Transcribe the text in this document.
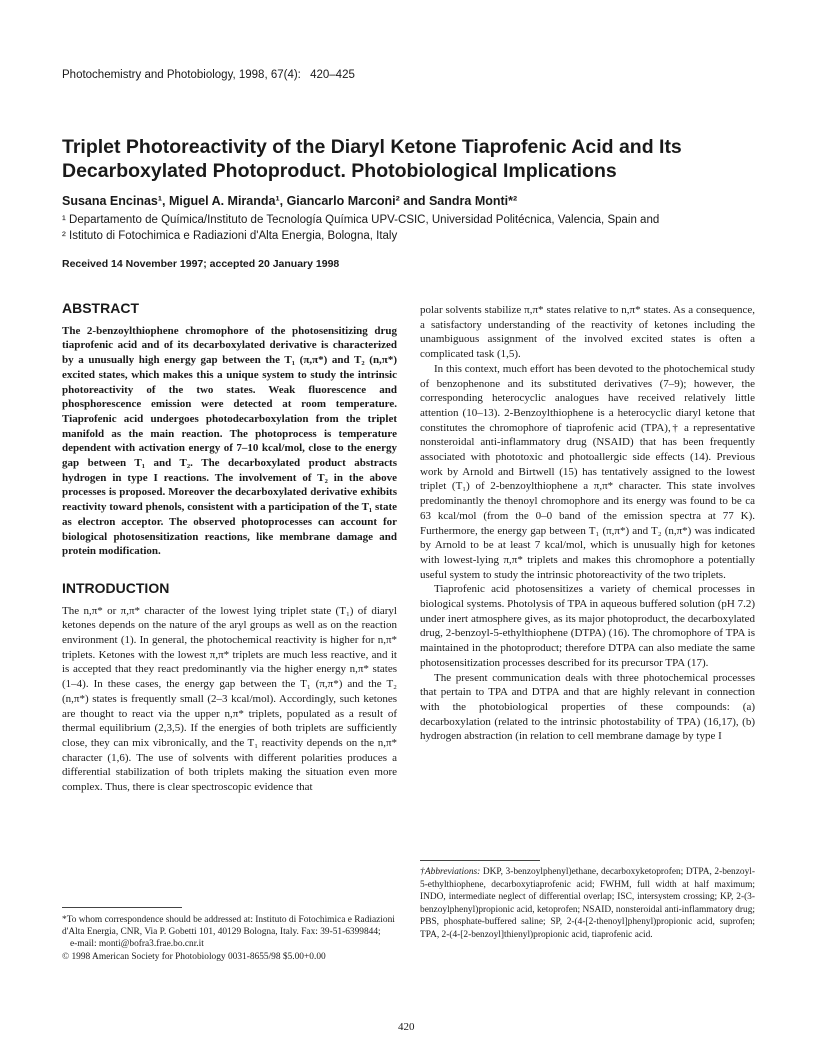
Photochemistry and Photobiology, 1998, 67(4): 420–425
Triplet Photoreactivity of the Diaryl Ketone Tiaprofenic Acid and Its Decarboxylated Photoproduct. Photobiological Implications
Susana Encinas¹, Miguel A. Miranda¹, Giancarlo Marconi² and Sandra Monti*²
¹ Departamento de Química/Instituto de Tecnología Química UPV-CSIC, Universidad Politécnica, Valencia, Spain and
² Istituto di Fotochimica e Radiazioni d'Alta Energia, Bologna, Italy
Received 14 November 1997; accepted 20 January 1998
ABSTRACT

The 2-benzoylthiophene chromophore of the photosensitizing drug tiaprofenic acid and of its decarboxylated derivative is characterized by a unusually high energy gap between the T₁ (π,π*) and T₂ (n,π*) excited states, which makes this a unique system to study the intrinsic photoreactivity of the two states. Weak fluorescence and phosphorescence emission were detected at room temperature. Tiaprofenic acid undergoes photodecarboxylation from the triplet manifold as the main reaction. The photoprocess is temperature dependent with activation energy of 7–10 kcal/mol, close to the energy gap between T₁ and T₂. The decarboxylated product abstracts hydrogen in type I reactions. The involvement of T₂ in the above processes is proposed. Moreover the decarboxylated derivative exhibits reactivity toward phenols, consistent with a participation of the T₁ state as electron acceptor. The observed photoprocesses can account for biological photosensitization reactions, like membrane damage and protein modification.

INTRODUCTION

The n,π* or π,π* character of the lowest lying triplet state (T₁) of diaryl ketones depends on the nature of the aryl groups as well as on the reaction environment (1). In general, the photochemical reactivity is higher for n,π* triplets. Ketones with the lowest π,π* triplets are much less reactive, and it is accepted that they react predominantly via the higher energy n,π* states (1–4). In these cases, the energy gap between the T₁ (π,π*) and the T₂ (n,π*) states is frequently small (2–3 kcal/mol). Accordingly, such ketones are thought to react via the upper n,π* triplets, populated as a result of thermal equilibrium (2,3,5). If the energies of both triplets are sufficiently close, they can mix vibronically, and the T₁ reactivity depends on the n,π* character (1,6). The use of solvents with different polarities produces a differential stabilization of both triplets making the situation even more complex. Thus, there is clear spectroscopic evidence that

polar solvents stabilize π,π* states relative to n,π* states. As a consequence, a satisfactory understanding of the reactivity of ketones including the unambiguous assignment of the involved excited states is often a complicated task (1,5).

In this context, much effort has been devoted to the photochemical study of benzophenone and its substituted derivatives (7–9); however, the corresponding heterocyclic analogues have received relatively little attention (10–13). 2-Benzoylthiophene is a heterocyclic diaryl ketone that constitutes the chromophore of tiaprofenic acid (TPA),† a representative nonsteroidal anti-inflammatory drug (NSAID) that has been frequently associated with phototoxic and photoallergic side effects (14). Previous work by Arnold and Birtwell (15) has tentatively assigned to the lowest triplet (T₁) of 2-benzoylthiophene a π,π* character. This state involves predominantly the thenoyl chromophore and its energy was found to be ca 63 kcal/mol (from the 0–0 band of the emission spectra at 77 K). Furthermore, the energy gap between T₁ (π,π*) and T₂ (n,π*) was indicated by Arnold to be at least 7 kcal/mol, which is unusually high for ketones with lowest-lying π,π* triplets and makes this chromophore a potentially useful system to study the intrinsic photoreactivity of the two triplets.

Tiaprofenic acid photosensitizes a variety of chemical processes in biological systems. Photolysis of TPA in aqueous buffered solution (pH 7.2) under inert atmosphere gives, as its major photoproduct, the decarboxylated drug, 2-benzoyl-5-ethylthiophene (DTPA) (16). The chromophore of TPA is maintained in the photoproduct; therefore DTPA can also mediate the same photosensitization processes described for its precursor TPA (17).

The present communication deals with three photochemical processes that pertain to TPA and DTPA and that are highly relevant in connection with the photobiological properties of these compounds: (a) decarboxylation (related to the intrinsic photostability of TPA) (16,17), (b) hydrogen abstraction (in relation to cell membrane damage by type I

†Abbreviations: DKP, 3-benzoylphenyl)ethane, decarboxyketoprofen; DTPA, 2-benzoyl-5-ethylthiophene, decarboxytiaprofenic acid; FWHM, full width at half maximum; INDO, intermediate neglect of differential overlap; ISC, intersystem crossing; KP, 2-(3-benzoylphenyl)propionic acid, ketoprofen; NSAID, nonsteroidal anti-inflammatory drug; PBS, phosphate-buffered saline; SP, 2-(4-[2-thenoyl]phenyl)propionic acid, suprofen; TPA, 2-(4-[2-benzoyl]thienyl)propionic acid, tiaprofenic acid.

*To whom correspondence should be addressed at: Instituto di Fotochimica e Radiazioni d'Alta Energia, CNR, Via P. Gobetti 101, 40129 Bologna, Italy. Fax: 39-51-6399844;

e-mail: monti@bofra3.frae.bo.cnr.it

© 1998 American Society for Photobiology 0031-8655/98 $5.00+0.00

420
